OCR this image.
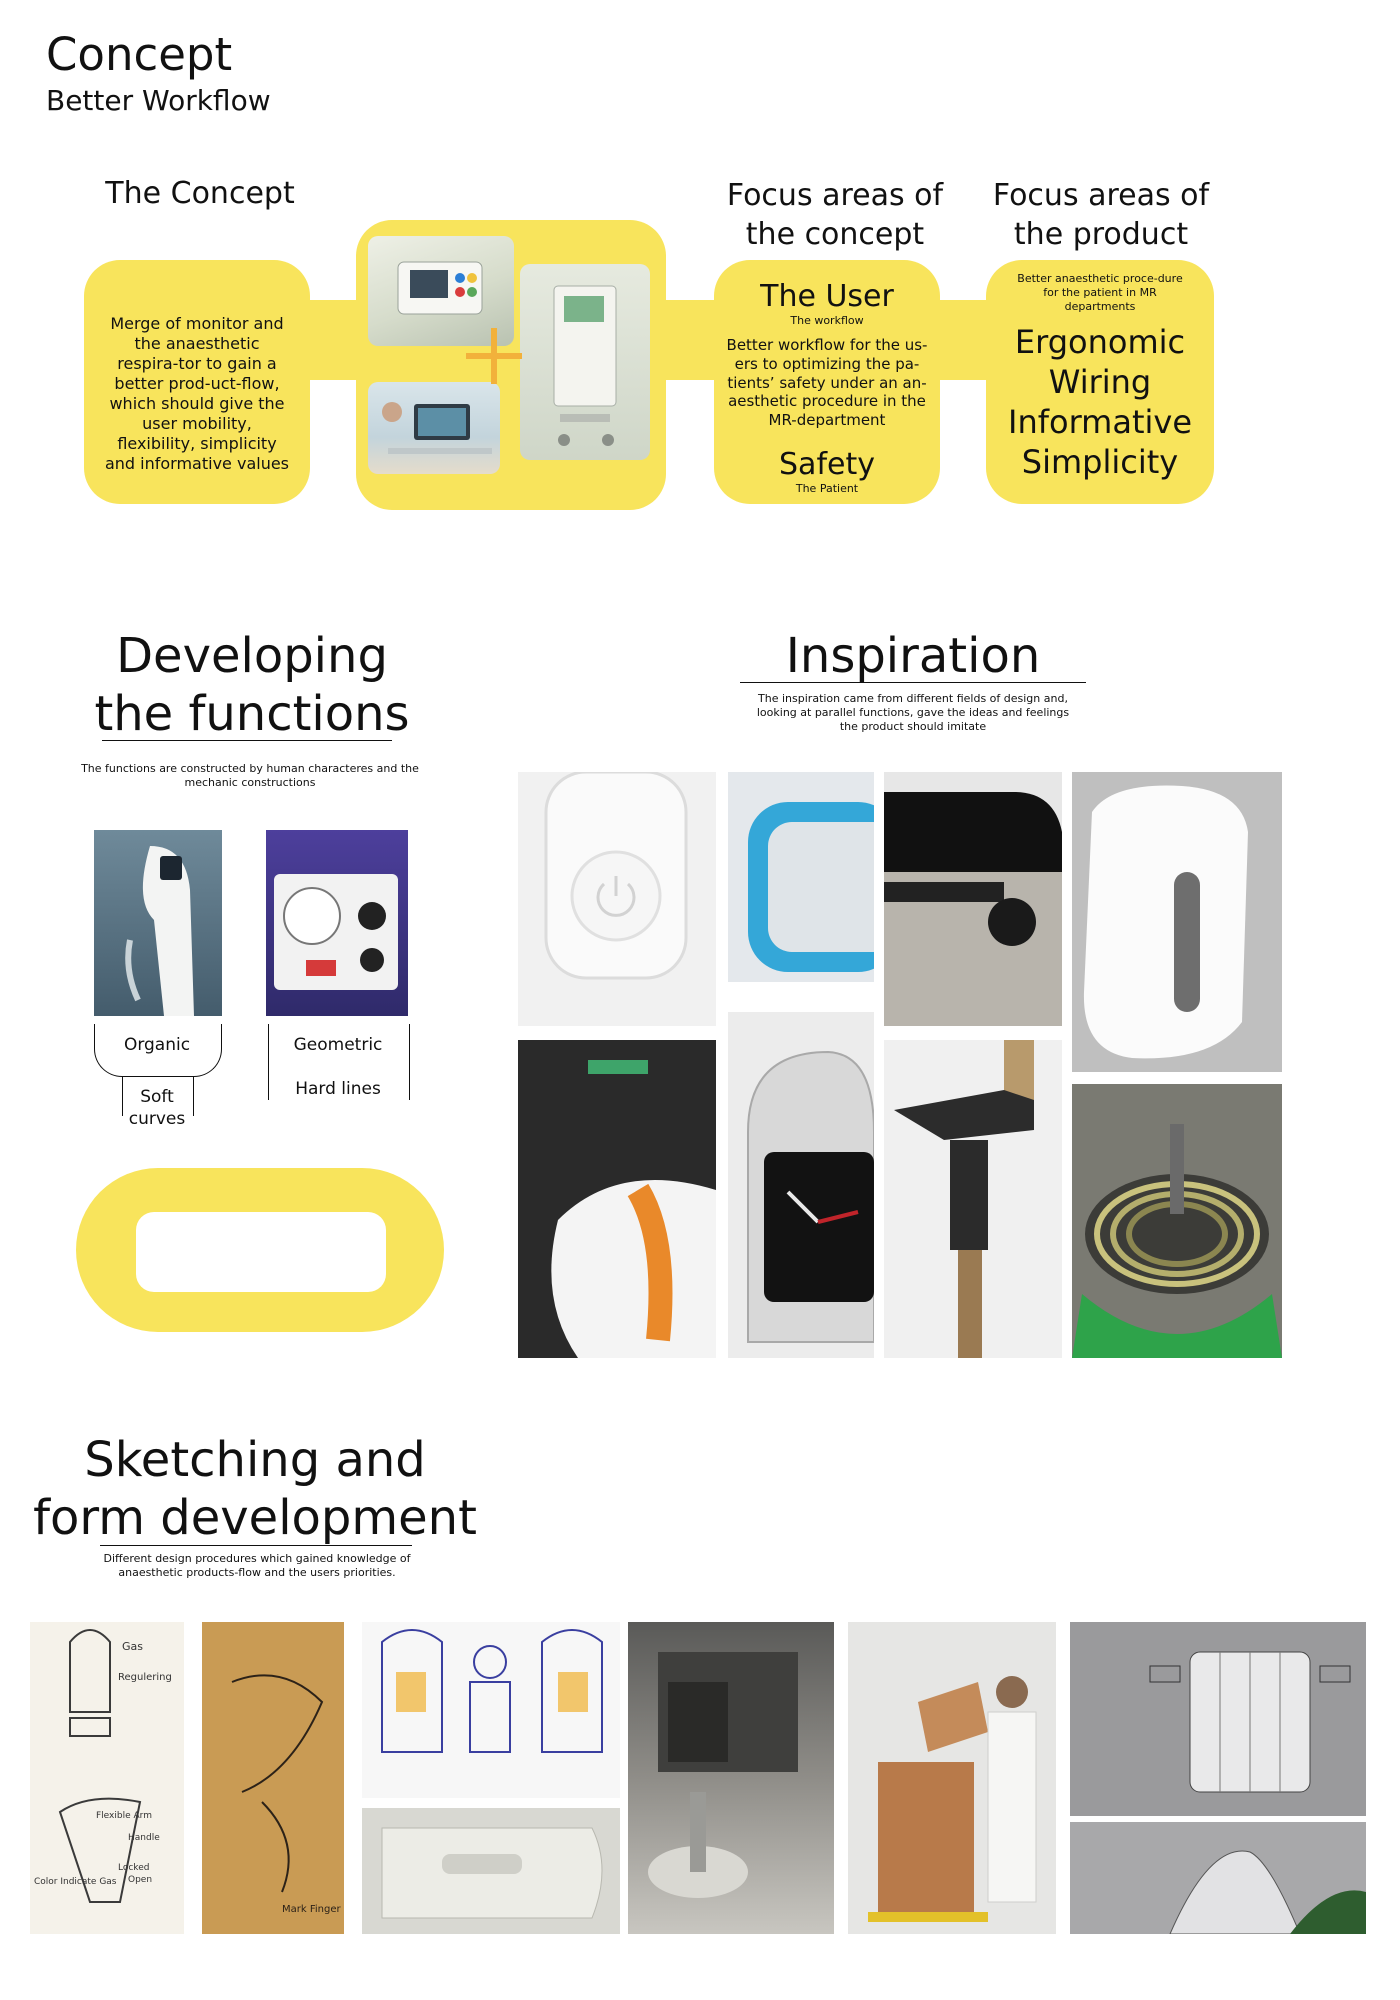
Concept
Better Workflow
The Concept
Merge of monitor and the anaesthetic respira-tor to gain a better prod-uct-flow, which should give the user mobility, flexibility, simplicity and informative values
Focus areas of the concept
The User
The workflow
Better workflow for the us-ers to optimizing the pa-tients’ safety under an an-aesthetic procedure in the MR-department
Safety
The Patient
Focus areas of the product
Better anaesthetic proce-dure for the patient in MR departments
Ergonomic
Wiring
Informative
Simplicity
Developing the functions
The functions are constructed by human characteres and the mechanic constructions
Organic
Soft curves
Geometric
Hard lines
Inspiration
The inspiration came from different fields of design and, looking at parallel functions, gave the ideas and feelings the product should imitate
Sketching and form development
Different design procedures which gained knowledge of anaesthetic products-flow and the users priorities.
Gas
Regulering
Flexible Arm
Color Indicate Gas
Handle
Locked
Open
Mark Finger
